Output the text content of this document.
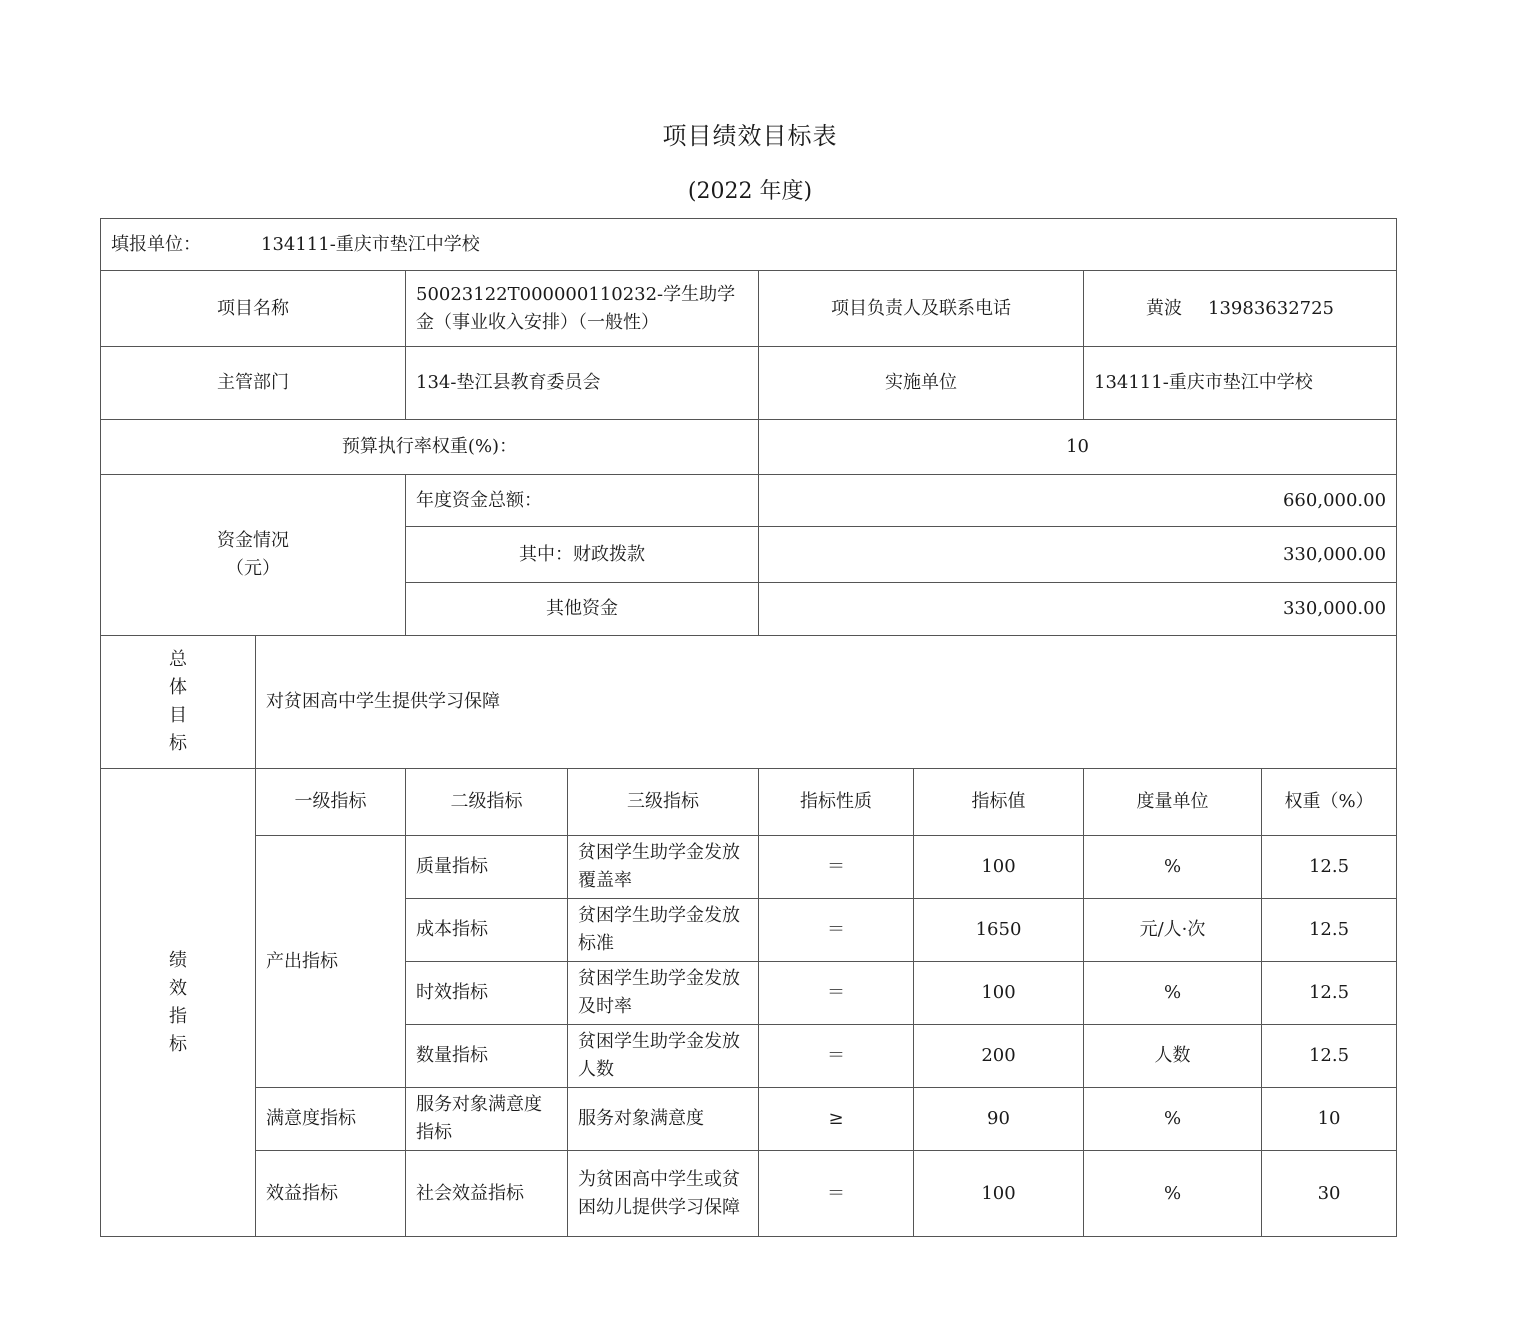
项目绩效目标表
(2022 年度)
填报单位： 134111-重庆市垫江中学校							
项目名称		50023122T000000110232-学生助学金（事业收入安排）（一般性）		项目负责人及联系电话		黄波 13983632725	
主管部门		134-垫江县教育委员会		实施单位		134111-重庆市垫江中学校	
预算执行率权重(%)：				10			

资金情况
（元）		年度资金总额：		660,000.00			
		其中：财政拨款		330,000.00			
		其他资金		330,000.00			

总
体
目
标	对贫困高中学生提供学习保障						

绩
效
指
标	一级指标	二级指标	三级指标	指标性质	指标值	度量单位	权重（%）
	产出指标	质量指标	贫困学生助学金发放覆盖率	＝	100	%	12.5
		成本指标	贫困学生助学金发放标准	＝	1650	元/人·次	12.5
		时效指标	贫困学生助学金发放及时率	＝	100	%	12.5
		数量指标	贫困学生助学金发放人数	＝	200	人数	12.5
	满意度指标	服务对象满意度指标	服务对象满意度	≥	90	%	10
	效益指标	社会效益指标	为贫困高中学生或贫困幼儿提供学习保障	＝	100	%	30
